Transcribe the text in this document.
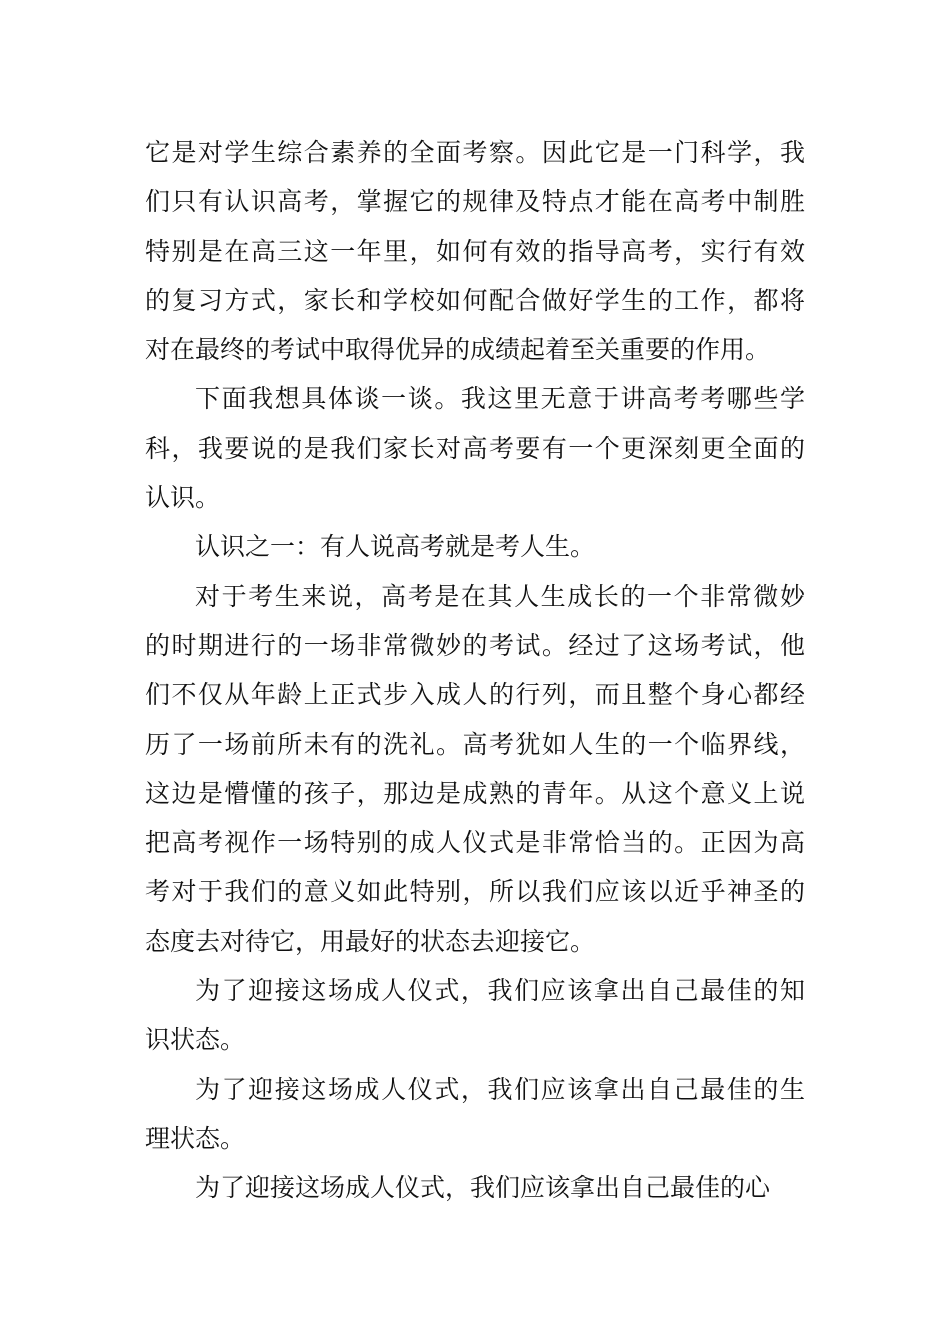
它是对学生综合素养的全面考察。因此它是一门科学，我
们只有认识高考，掌握它的规律及特点才能在高考中制胜
特别是在高三这一年里，如何有效的指导高考，实行有效
的复习方式，家长和学校如何配合做好学生的工作，都将
对在最终的考试中取得优异的成绩起着至关重要的作用。
下面我想具体谈一谈。我这里无意于讲高考考哪些学
科，我要说的是我们家长对高考要有一个更深刻更全面的
认识。
认识之一：有人说高考就是考人生。
对于考生来说，高考是在其人生成长的一个非常微妙
的时期进行的一场非常微妙的考试。经过了这场考试，他
们不仅从年龄上正式步入成人的行列，而且整个身心都经
历了一场前所未有的洗礼。高考犹如人生的一个临界线，
这边是懵懂的孩子，那边是成熟的青年。从这个意义上说
把高考视作一场特别的成人仪式是非常恰当的。正因为高
考对于我们的意义如此特别，所以我们应该以近乎神圣的
态度去对待它，用最好的状态去迎接它。
为了迎接这场成人仪式，我们应该拿出自己最佳的知
识状态。
为了迎接这场成人仪式，我们应该拿出自己最佳的生
理状态。
为了迎接这场成人仪式，我们应该拿出自己最佳的心
